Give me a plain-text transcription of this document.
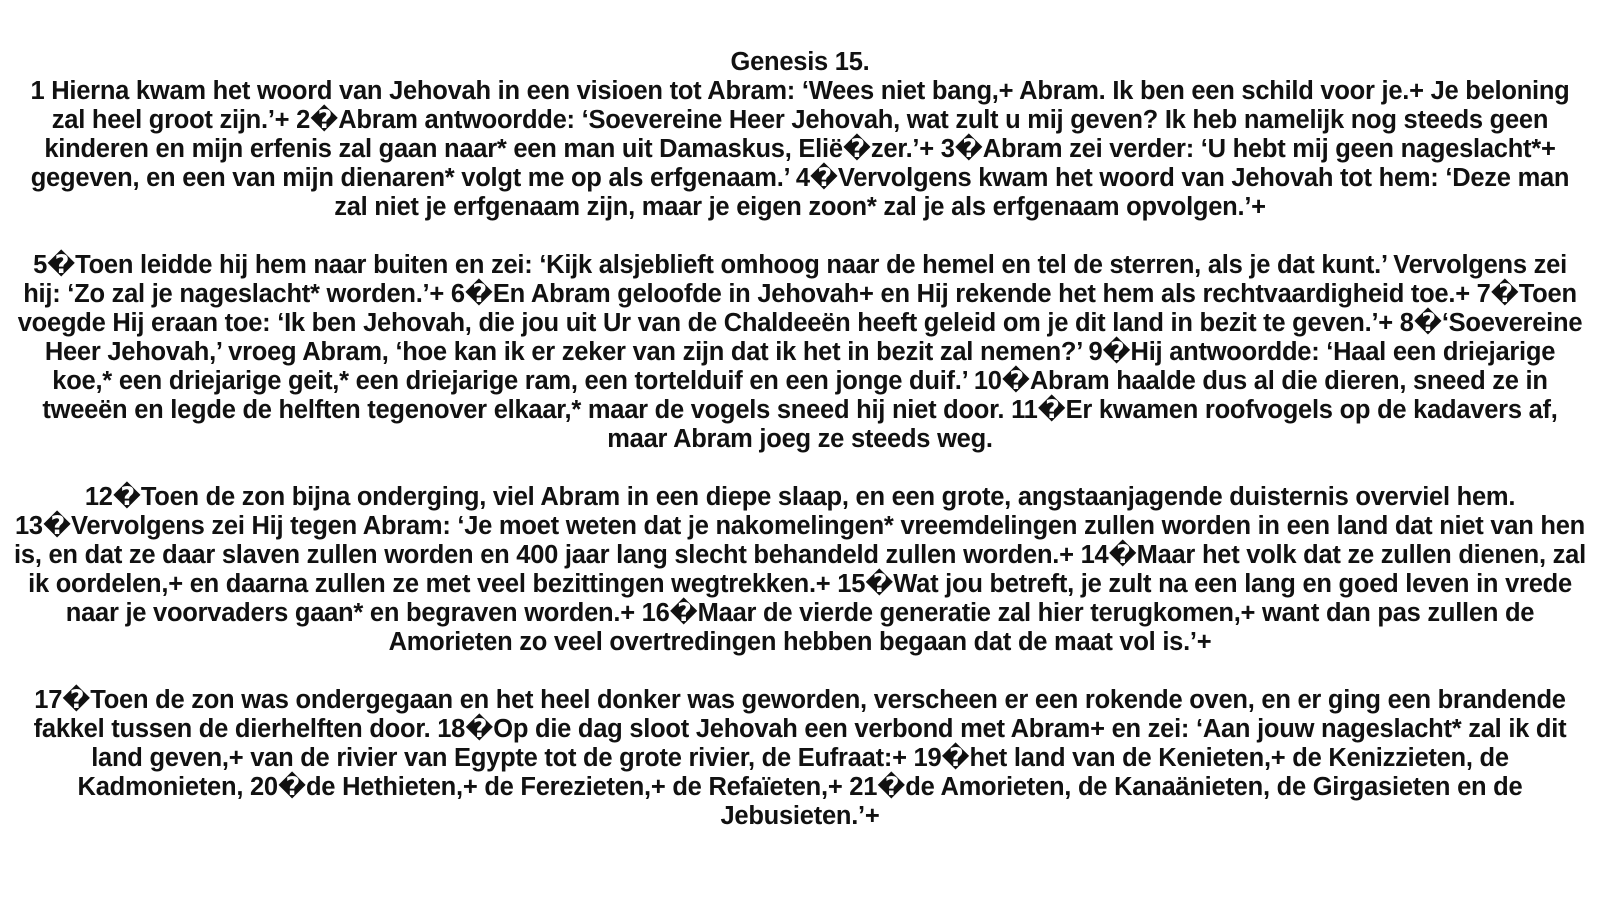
Genesis 15.

1 Hierna kwam het woord van Jehovah in een visioen tot Abram: ‘Wees niet bang,+ Abram. Ik ben een schild voor je.+ Je beloning zal heel groot zijn.’+ 2�Abram antwoordde: ‘Soevereine Heer Jehovah, wat zult u mij geven? Ik heb namelijk nog steeds geen kinderen en mijn erfenis zal gaan naar* een man uit Damaskus, Eliё�zer.’+ 3�Abram zei verder: ‘U hebt mij geen nageslacht*+ gegeven, en een van mijn dienaren* volgt me op als erfgenaam.’ 4�Vervolgens kwam het woord van Jehovah tot hem: ‘Deze man zal niet je erfgenaam zijn, maar je eigen zoon* zal je als erfgenaam opvolgen.’+

5�Toen leidde hij hem naar buiten en zei: ‘Kijk alsjeblieft omhoog naar de hemel en tel de sterren, als je dat kunt.’ Vervolgens zei hij: ‘Zo zal je nageslacht* worden.’+ 6�En Abram geloofde in Jehovah+ en Hij rekende het hem als rechtvaardigheid toe.+ 7�Toen voegde Hij eraan toe: ‘Ik ben Jehovah, die jou uit Ur van de Chaldeeën heeft geleid om je dit land in bezit te geven.’+ 8�‘Soevereine Heer Jehovah,’ vroeg Abram, ‘hoe kan ik er zeker van zijn dat ik het in bezit zal nemen?’ 9�Hij antwoordde: ‘Haal een driejarige koe,* een driejarige geit,* een driejarige ram, een tortelduif en een jonge duif.’ 10�Abram haalde dus al die dieren, sneed ze in tweeën en legde de helften tegenover elkaar,* maar de vogels sneed hij niet door. 11�Er kwamen roofvogels op de kadavers af, maar Abram joeg ze steeds weg.

12�Toen de zon bijna onderging, viel Abram in een diepe slaap, en een grote, angstaanjagende duisternis overviel hem. 13�Vervolgens zei Hij tegen Abram: ‘Je moet weten dat je nakomelingen* vreemdelingen zullen worden in een land dat niet van hen is, en dat ze daar slaven zullen worden en 400 jaar lang slecht behandeld zullen worden.+ 14�Maar het volk dat ze zullen dienen, zal ik oordelen,+ en daarna zullen ze met veel bezittingen wegtrekken.+ 15�Wat jou betreft, je zult na een lang en goed leven in vrede naar je voorvaders gaan* en begraven worden.+ 16�Maar de vierde generatie zal hier terugkomen,+ want dan pas zullen de Amorieten zo veel overtredingen hebben begaan dat de maat vol is.’+

17�Toen de zon was ondergegaan en het heel donker was geworden, verscheen er een rokende oven, en er ging een brandende fakkel tussen de dierhelften door. 18�Op die dag sloot Jehovah een verbond met Abram+ en zei: ‘Aan jouw nageslacht* zal ik dit land geven,+ van de rivier van Egypte tot de grote rivier, de Eufraat:+ 19�het land van de Kenieten,+ de Kenizzieten, de Kadmonieten, 20�de Hethieten,+ de Ferezieten,+ de Refaïeten,+ 21�de Amorieten, de Kanaänieten, de Girgasieten en de Jebusieten.’+
